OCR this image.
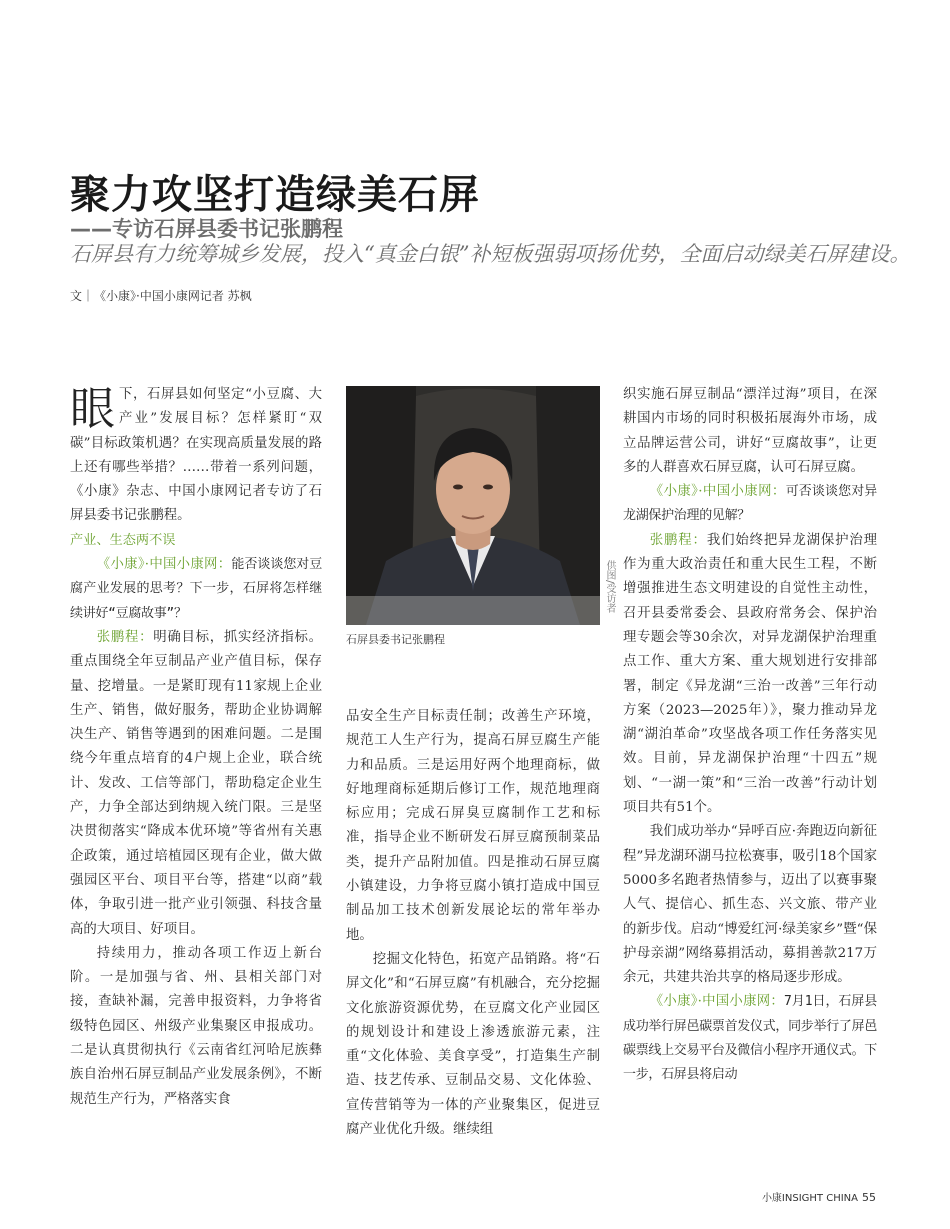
聚力攻坚打造绿美石屏
——专访石屏县委书记张鹏程

石屏县有力统筹城乡发展，投入“真金白银”补短板强弱项扬优势，全面启动绿美石屏建设。

文｜《小康》·中国小康网记者 苏枫

眼下，石屏县如何坚定“小豆腐、大产业”发展目标？怎样紧盯“双碳”目标政策机遇？在实现高质量发展的路上还有哪些举措？……带着一系列问题，《小康》杂志、中国小康网记者专访了石屏县委书记张鹏程。

产业、生态两不误

《小康》·中国小康网：能否谈谈您对豆腐产业发展的思考？下一步，石屏将怎样继续讲好“豆腐故事”？

张鹏程：明确目标，抓实经济指标。重点围绕全年豆制品产业产值目标，保存量、挖增量。一是紧盯现有11家规上企业生产、销售，做好服务，帮助企业协调解决生产、销售等遇到的困难问题。二是围绕今年重点培育的4户规上企业，联合统计、发改、工信等部门，帮助稳定企业生产，力争全部达到纳规入统门限。三是坚决贯彻落实“降成本优环境”等省州有关惠企政策，通过培植园区现有企业，做大做强园区平台、项目平台等，搭建“以商”载体，争取引进一批产业引领强、科技含量高的大项目、好项目。

持续用力，推动各项工作迈上新台阶。一是加强与省、州、县相关部门对接，查缺补漏，完善申报资料，力争将省级特色园区、州级产业集聚区申报成功。二是认真贯彻执行《云南省红河哈尼族彝族自治州石屏豆制品产业发展条例》，不断规范生产行为，严格落实食

供图/受访者
石屏县委书记张鹏程

品安全生产目标责任制；改善生产环境，规范工人生产行为，提高石屏豆腐生产能力和品质。三是运用好两个地理商标，做好地理商标延期后修订工作，规范地理商标应用；完成石屏臭豆腐制作工艺和标准，指导企业不断研发石屏豆腐预制菜品类，提升产品附加值。四是推动石屏豆腐小镇建设，力争将豆腐小镇打造成中国豆制品加工技术创新发展论坛的常年举办地。

挖掘文化特色，拓宽产品销路。将“石屏文化”和“石屏豆腐”有机融合，充分挖掘文化旅游资源优势，在豆腐文化产业园区的规划设计和建设上渗透旅游元素，注重“文化体验、美食享受”，打造集生产制造、技艺传承、豆制品交易、文化体验、宣传营销等为一体的产业聚集区，促进豆腐产业优化升级。继续组

织实施石屏豆制品“漂洋过海”项目，在深耕国内市场的同时积极拓展海外市场，成立品牌运营公司，讲好“豆腐故事”，让更多的人群喜欢石屏豆腐，认可石屏豆腐。

《小康》·中国小康网：可否谈谈您对异龙湖保护治理的见解？

张鹏程：我们始终把异龙湖保护治理作为重大政治责任和重大民生工程，不断增强推进生态文明建设的自觉性主动性，召开县委常委会、县政府常务会、保护治理专题会等30余次，对异龙湖保护治理重点工作、重大方案、重大规划进行安排部署，制定《异龙湖“三治一改善”三年行动方案（2023—2025年）》，聚力推动异龙湖“湖泊革命”攻坚战各项工作任务落实见效。目前，异龙湖保护治理“十四五”规划、“一湖一策”和“三治一改善”行动计划项目共有51个。

我们成功举办“异呼百应·奔跑迈向新征程”异龙湖环湖马拉松赛事，吸引18个国家5000多名跑者热情参与，迈出了以赛事聚人气、提信心、抓生态、兴文旅、带产业的新步伐。启动“博爱红河·绿美家乡”暨“保护母亲湖”网络募捐活动，募捐善款217万余元，共建共治共享的格局逐步形成。

《小康》·中国小康网：7月1日，石屏县成功举行屏邑碳票首发仪式，同步举行了屏邑碳票线上交易平台及微信小程序开通仪式。下一步，石屏县将启动

小康INSIGHT CHINA 55
